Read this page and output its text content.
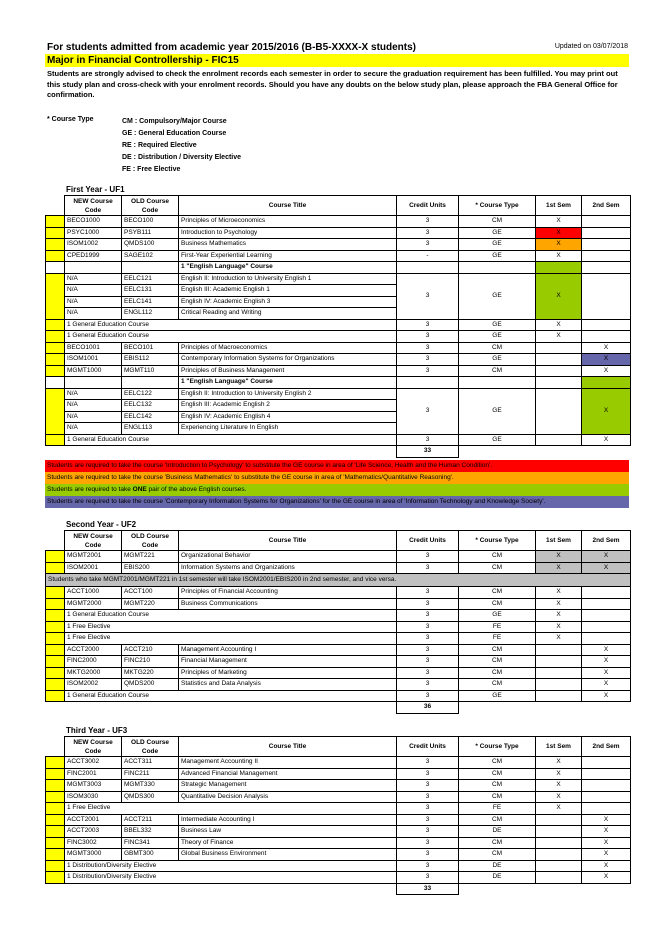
For students admitted from academic year 2015/2016 (B-B5-XXXX-X students)	Updated on 03/07/2018
Major in Financial Controllership - FIC15
Students are strongly advised to check the enrolment records each semester in order to secure the graduation requirement has been fulfilled. You may print out this study plan and cross-check with your enrolment records. Should you have any doubts on the below study plan, please approach the FBA General Office for confirmation.
* Course Type	CM : Compulsory/Major Course
GE : General Education Course
RE : Required Elective
DE : Distribution / Diversity Elective
FE : Free Elective
First Year - UF1
	NEW Course Code	OLD Course Code	Course Title	Credit Units	* Course Type	1st Sem	2nd Sem
	BECO1000	BECO100	Principles of Microeconomics	3	CM	X	
	PSYC1000	PSYB111	Introduction to Psychology	3	GE	X	
	ISOM1002	QMDS100	Business Mathematics	3	GE	X	
	CPED1999	SAGE102	First-Year Experiential Learning	-	GE	X	
			1 "English Language" Course				
	N/A	EELC121	English II: Introduction to University English 1	3	GE	X	
	N/A	EELC131	English III: Academic English 1				
	N/A	EELC141	English IV: Academic English 3				
	N/A	ENGL112	Critical Reading and Writing				
	1 General Education Course			3	GE	X	
	1 General Education Course			3	GE	X	
	BECO1001	BECO101	Principles of Macroeconomics	3	CM		X
	ISOM1001	EBIS112	Contemporary Information Systems for Organizations	3	GE		X
	MGMT1000	MGMT110	Principles of Business Management	3	CM		X
			1 "English Language" Course				
	N/A	EELC122	English II: Introduction to University English 2	3	GE		X
	N/A	EELC132	English III: Academic English 2				
	N/A	EELC142	English IV: Academic English 4				
	N/A	ENGL113	Experiencing Literature In English				
	1 General Education Course			3	GE		X
				33			
Students are required to take the course 'Introduction to Psychology' to substitute the GE course in area of 'Life Science, Health and the Human Condition'.
Students are required to take the course 'Business Mathematics' to substitute the GE course in area of 'Mathematics/Quantitative Reasoning'.
Students are required to take ONE pair of the above English courses.
Students are required to take the course 'Contemporary Information Systems for Organizations' for the GE course in area of 'Information Technology and Knowledge Society'.
Second Year - UF2
	NEW Course Code	OLD Course Code	Course Title	Credit Units	* Course Type	1st Sem	2nd Sem
	MGMT2001	MGMT221	Organizational Behavior	3	CM	X	X
	ISOM2001	EBIS200	Information Systems and Organizations	3	CM	X	X
Students who take MGMT2001/MGMT221 in 1st semester will take ISOM2001/EBIS200 in 2nd semester, and vice versa.							
	ACCT1000	ACCT100	Principles of Financial Accounting	3	CM	X	
	MGMT2000	MGMT220	Business Communications	3	CM	X	
	1 General Education Course			3	GE	X	
	1 Free Elective			3	FE	X	
	1 Free Elective			3	FE	X	
	ACCT2000	ACCT210	Management Accounting I	3	CM		X
	FINC2000	FINC210	Financial Management	3	CM		X
	MKTG2000	MKTG220	Principles of Marketing	3	CM		X
	ISOM2002	QMDS200	Statistics and Data Analysis	3	CM		X
	1 General Education Course			3	GE		X
				36			
Third Year - UF3
	NEW Course Code	OLD Course Code	Course Title	Credit Units	* Course Type	1st Sem	2nd Sem
	ACCT3002	ACCT311	Management Accounting II	3	CM	X	
	FINC2001	FINC211	Advanced Financial Management	3	CM	X	
	MGMT3003	MGMT330	Strategic Management	3	CM	X	
	ISOM3030	QMDS300	Quantitative Decision Analysis	3	CM	X	
	1 Free Elective			3	FE	X	
	ACCT2001	ACCT211	Intermediate Accounting I	3	CM		X
	ACCT2003	BBEL332	Business Law	3	DE		X
	FINC3002	FINC341	Theory of Finance	3	CM		X
	MGMT3000	GBMT300	Global Business Environment	3	CM		X
	1 Distribution/Diversity Elective			3	DE		X
	1 Distribution/Diversity Elective			3	DE		X
				33			
